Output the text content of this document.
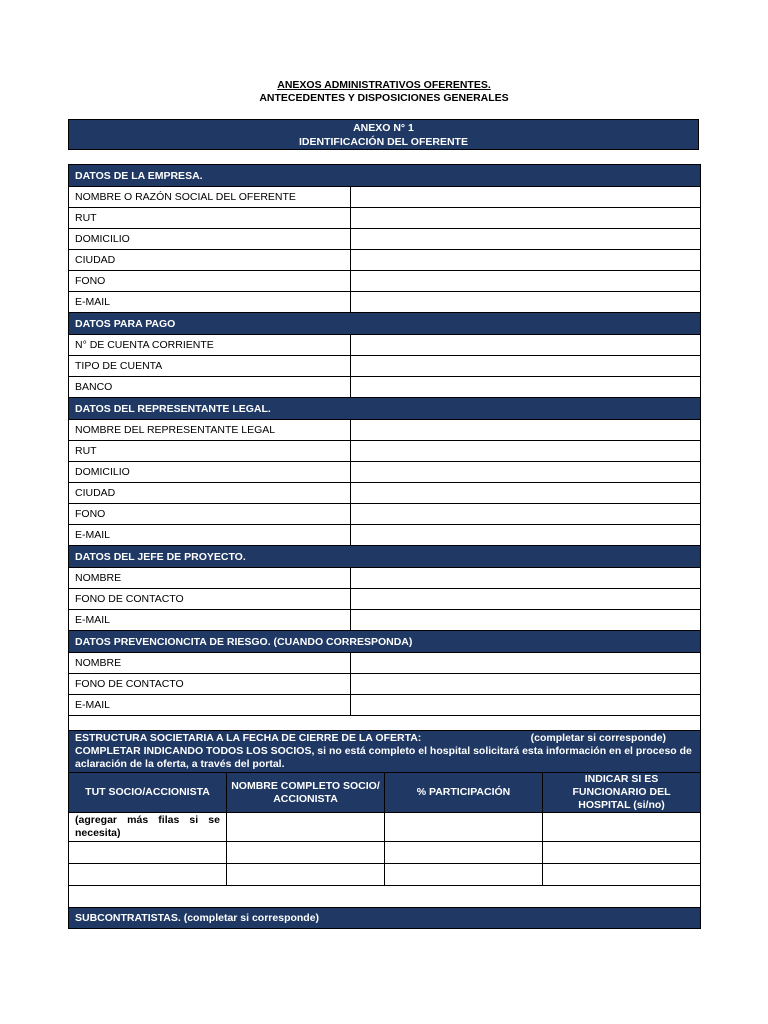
ANEXOS ADMINISTRATIVOS OFERENTES.
ANTECEDENTES Y DISPOSICIONES GENERALES
ANEXO N° 1
IDENTIFICACIÓN DEL OFERENTE
DATOS DE LA EMPRESA.				
NOMBRE O RAZÓN SOCIAL DEL OFERENTE				
RUT				
DOMICILIO				
CIUDAD				
FONO				
E-MAIL				
DATOS PARA PAGO				
N° DE CUENTA CORRIENTE				
TIPO DE CUENTA				
BANCO				
DATOS DEL REPRESENTANTE LEGAL.				
NOMBRE DEL REPRESENTANTE LEGAL				
RUT				
DOMICILIO				
CIUDAD				
FONO				
E-MAIL				
DATOS DEL JEFE DE PROYECTO.				
NOMBRE				
FONO DE CONTACTO				
E-MAIL				
DATOS PREVENCIONCITA DE RIESGO. (CUANDO CORRESPONDA)				
NOMBRE				
FONO DE CONTACTO				
E-MAIL				

ESTRUCTURA SOCIETARIA A LA FECHA DE CIERRE DE LA OFERTA: (completar si corresponde)
COMPLETAR INDICANDO TODOS LOS SOCIOS, si no está completo el hospital solicitará esta información en el proceso de aclaración de la oferta, a través del portal.				

TUT SOCIO/ACCIONISTA	NOMBRE COMPLETO SOCIO/ ACCIONISTA		% PARTICIPACIÓN	INDICAR SI ES FUNCIONARIO DEL HOSPITAL (si/no)
(agregar más filas si se necesita)				

SUBCONTRATISTAS. (completar si corresponde)				
